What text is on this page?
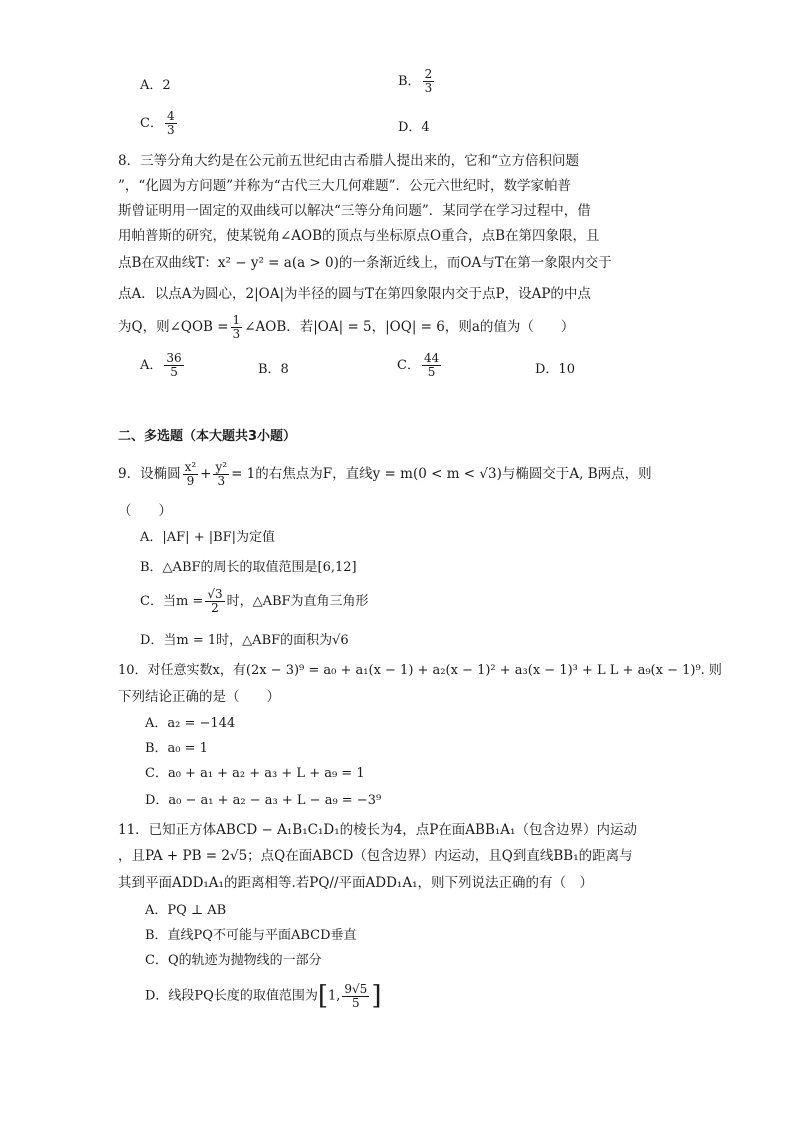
A．2	B． $\frac{2}{3}$
C． $\frac{4}{3}$	D．4
8．三等分角大约是在公元前五世纪由古希腊人提出来的，它和“立方倍积问题
”，“化圆为方问题”并称为“古代三大几何难题”．公元六世纪时，数学家帕普
斯曾证明用一固定的双曲线可以解决“三等分角问题”．某同学在学习过程中，借
用帕普斯的研究，使某锐角∠AOB的顶点与坐标原点O重合，点B在第四象限，且
点B在双曲线T：x² − y² = a(a > 0)的一条渐近线上，而OA与T在第一象限内交于
点A．以点A为圆心，2|OA|为半径的圆与T在第四象限内交于点P，设AP的中点
为Q，则∠QOB = $\frac{1}{3}$ ∠AOB．若|OA| = 5，|OQ| = 6，则a的值为（　　）
A． $\frac{36}{5}$	B．8	C． $\frac{44}{5}$	D．10
二、多选题（本大题共3小题）
9．设椭圆 $\frac{\text{x²}}{9} + \frac{\text{y²}}{3} = 1$的右焦点为F，直线y = m(0 < m < √3)与椭圆交于A, B两点，则
（　　）
A．|AF| + |BF|为定值
B．△ABF的周长的取值范围是[6,12]
C．当$m = \frac{√3}{2}$ 时，△ABF为直角三角形
D．当m = 1时，△ABF的面积为√6
10．对任意实数x，有(2x − 3)⁹ = a₀ + a₁(x − 1) + a₂(x − 1)² + a₃(x − 1)³ + L L + a₉(x − 1)⁹. 则
下列结论正确的是（　　）
A．a₂ = −144
B．a₀ = 1
C．a₀ + a₁ + a₂ + a₃ + L + a₉ = 1
D．a₀ − a₁ + a₂ − a₃ + L − a₉ = −3⁹
11．已知正方体ABCD − A₁B₁C₁D₁的棱长为4，点P在面ABB₁A₁（包含边界）内运动
，且PA + PB = 2√5；点Q在面ABCD（包含边界）内运动，且Q到直线BB₁的距离与
其到平面ADD₁A₁的距离相等.若PQ//平面ADD₁A₁，则下列说法正确的有（　）
A．PQ ⊥ AB
B．直线PQ不可能与平面ABCD垂直
C．Q的轨迹为抛物线的一部分
D．线段PQ长度的取值范围为[1, $\frac{9√5}{5}$ ]
